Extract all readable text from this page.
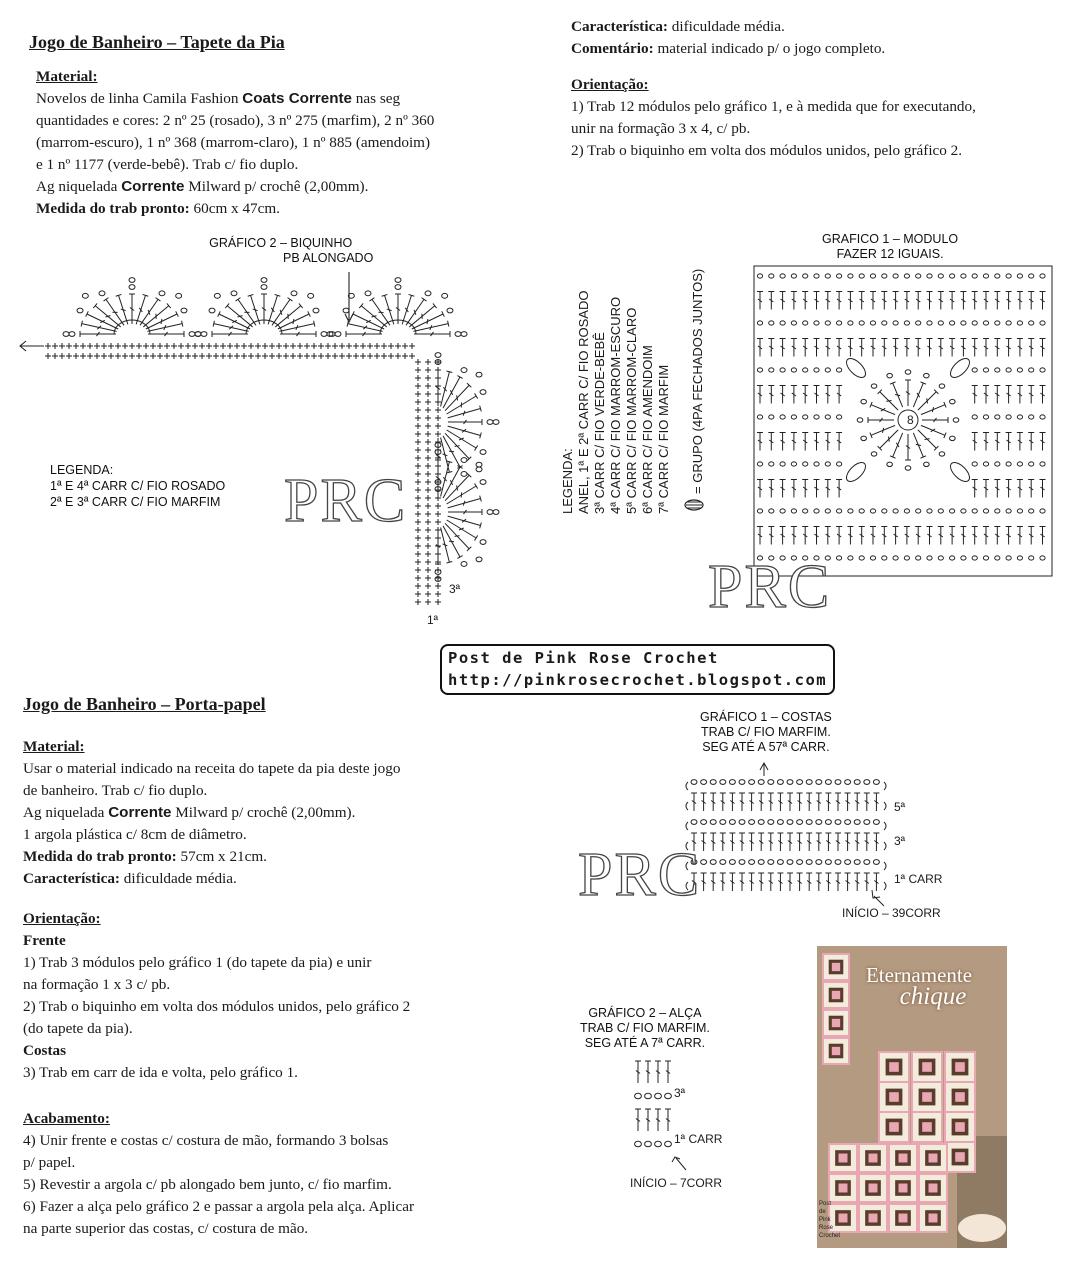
Jogo de Banheiro – Tapete da Pia

Material:

Novelos de linha Camila Fashion Coats Corrente nas seg

quantidades e cores: 2 nº 25 (rosado), 3 nº 275 (marfim), 2 nº 360

(marrom-escuro), 1 nº 368 (marrom-claro), 1 nº 885 (amendoim)

e 1 nº 1177 (verde-bebê). Trab c/ fio duplo.

Ag niquelada Corrente Milward p/ crochê (2,00mm).

Medida do trab pronto: 60cm x 47cm.

Característica: dificuldade média.

Comentário: material indicado p/ o jogo completo.

Orientação:

1) Trab 12 módulos pelo gráfico 1, e à medida que for executando,

unir na formação 3 x 4, c/ pb.

2) Trab o biquinho em volta dos módulos unidos, pelo gráfico 2.

GRÁFICO 2 – BIQUINHO
PB ALONGADO
LEGENDA:
1ª E 4ª CARR C/ FIO ROSADO
2ª E 3ª CARR C/ FIO MARFIM
3ª
1ª
PRC	LEGENDA: ANEL, 1ª E 2ª CARR C/ FIO ROSADO 3ª CARR C/ FIO VERDE-BEBÊ 4ª CARR C/ FIO MARROM-ESCURO 5ª CARR C/ FIO MARROM-CLARO 6ª CARR C/ FIO AMENDOIM 7ª CARR C/ FIO MARFIM = GRUPO (4PA FECHADOS JUNTOS)
GRAFICO 1 – MODULO
FAZER 12 IGUAIS.
8
PRC
Post de Pink Rose Crochet
http://pinkrosecrochet.blogspot.com
Jogo de Banheiro – Porta-papel

Material:

Usar o material indicado na receita do tapete da pia deste jogo

de banheiro. Trab c/ fio duplo.

Ag niquelada Corrente Milward p/ crochê (2,00mm).

1 argola plástica c/ 8cm de diâmetro.

Medida do trab pronto: 57cm x 21cm.

Característica: dificuldade média.

Orientação:

Frente

1) Trab 3 módulos pelo gráfico 1 (do tapete da pia) e unir

na formação 1 x 3 c/ pb.

2) Trab o biquinho em volta dos módulos unidos, pelo gráfico 2

(do tapete da pia).

Costas

3) Trab em carr de ida e volta, pelo gráfico 1.

Acabamento:

4) Unir frente e costas c/ costura de mão, formando 3 bolsas

p/ papel.

5) Revestir a argola c/ pb alongado bem junto, c/ fio marfim.

6) Fazer a alça pelo gráfico 2 e passar a argola pela alça. Aplicar

na parte superior das costas, c/ costura de mão.

GRÁFICO 1 – COSTAS
TRAB C/ FIO MARFIM.
SEG ATÉ A 57ª CARR.
5ª
3ª
1ª CARR
INÍCIO – 39CORR
PRC
GRÁFICO 2 – ALÇA
TRAB C/ FIO MARFIM.
SEG ATÉ A 7ª CARR.
3ª
1ª CARR
INÍCIO – 7CORR
Eternamente
chique
Post
de
Pink
Rose
Crochet
